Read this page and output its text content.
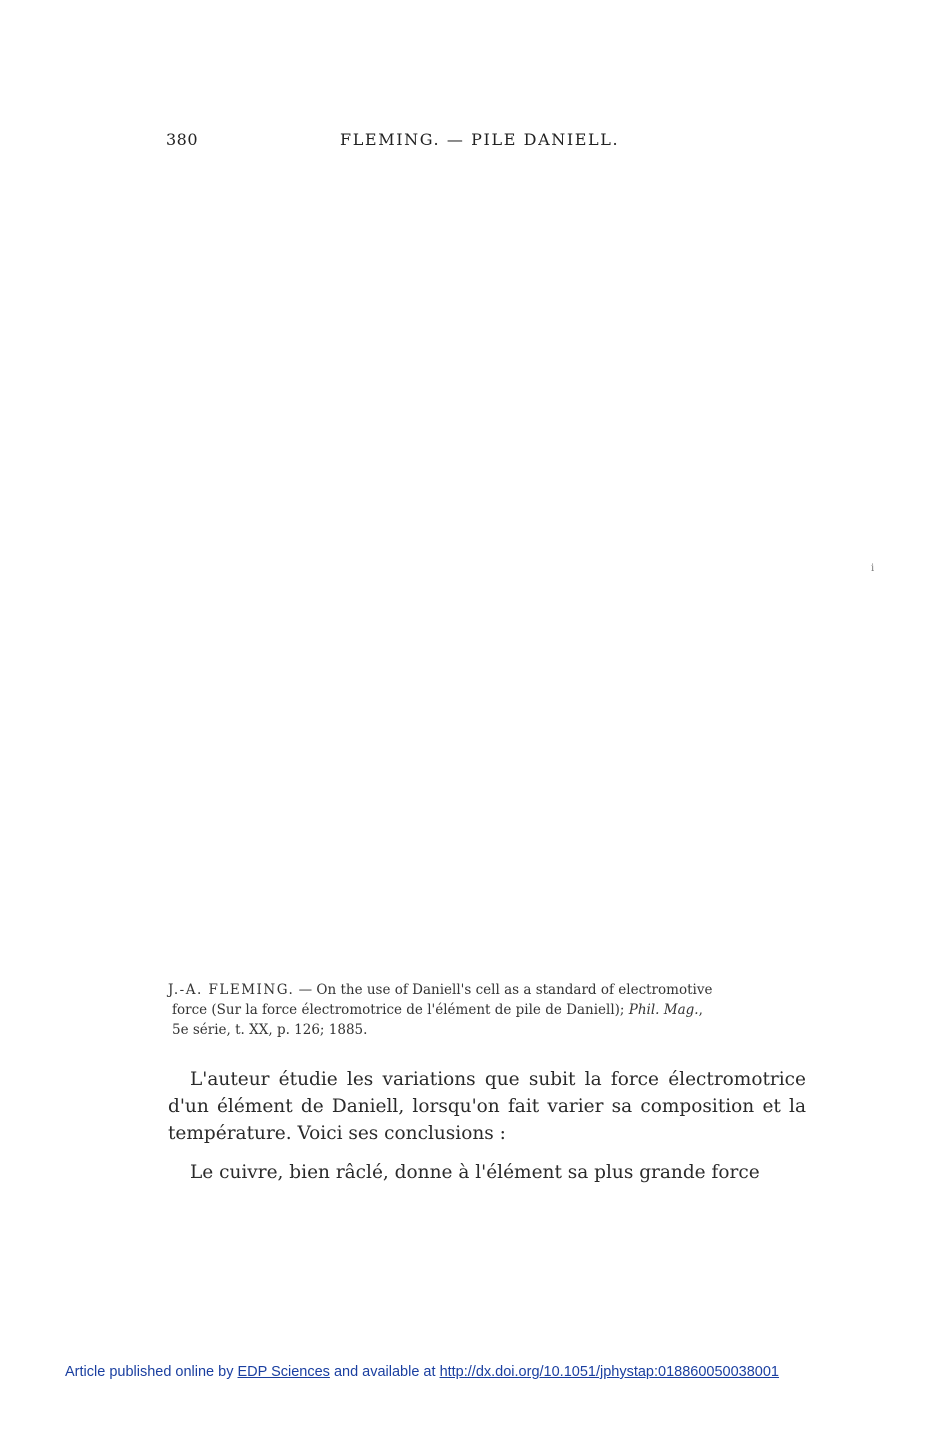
380	FLEMING. — PILE DANIELL.
i
J.-A. FLEMING. — On the use of Daniell's cell as a standard of electromotive
force (Sur la force électromotrice de l'élément de pile de Daniell); Phil. Mag.,
5e série, t. XX, p. 126; 1885.
L'auteur étudie les variations que subit la force électromotrice d'un élément de Daniell, lorsqu'on fait varier sa composition et la température. Voici ses conclusions :
Le cuivre, bien râclé, donne à l'élément sa plus grande force
Article published online by EDP Sciences and available at http://dx.doi.org/10.1051/jphystap:018860050038001
